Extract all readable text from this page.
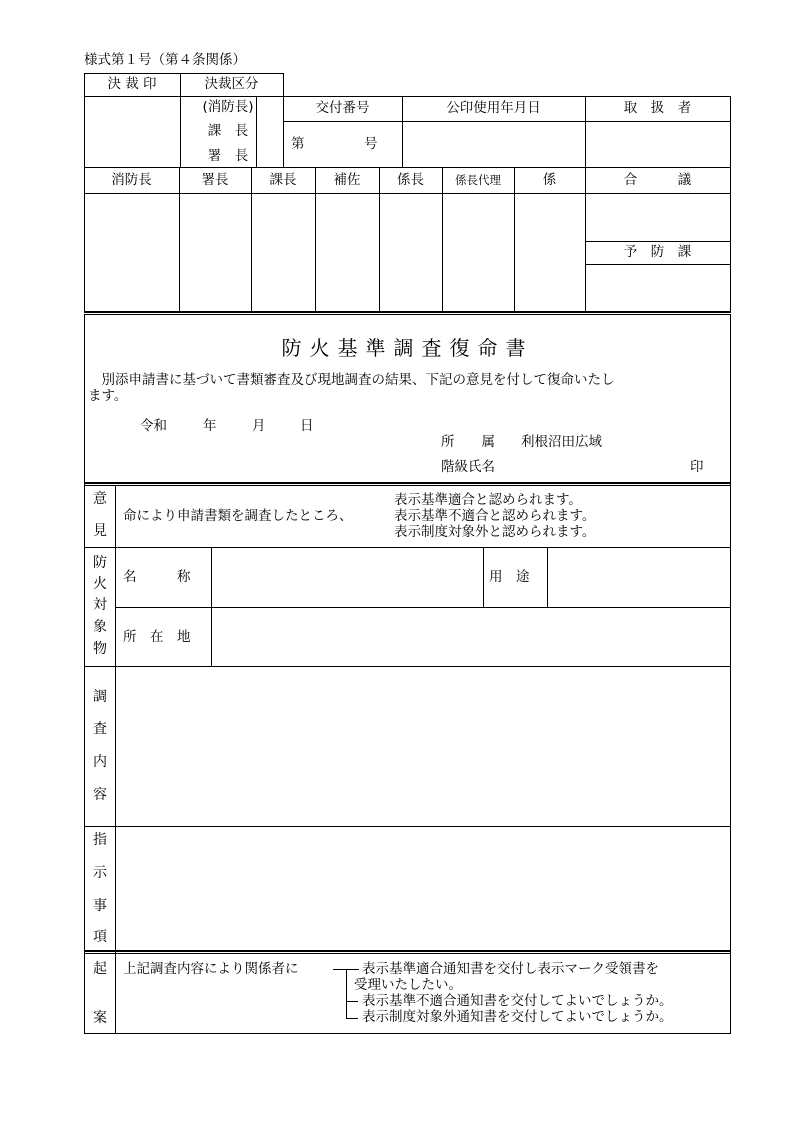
様式第１号（第４条関係）
決 裁 印	決裁区分
(消防長)
課　長
署　長
交付番号	公印使用年月日	取　扱　者
第	号
消防長	署長	課長	補佐	係長	係長代理	係	合　　　議
予　防　課
防火基準調査復命書
　別添申請書に基づいて書類審査及び現地調査の結果、下記の意見を付して復命いたし
ます。
令和	年	月	日
所　　属 利根沼田広域
階級氏名	印
意
見
命により申請書類を調査したところ、
表示基準適合と認められます。
表示基準不適合と認められます。
表示制度対象外と認められます。
防
火
対
象
物
名　　　称	用　途
所　在　地
調
査
内
容
指
示
事
項
起
案
上記調査内容により関係者に	表示基準適合通知書を交付し表示マーク受領書を
受理いたしたい。
表示基準不適合通知書を交付してよいでしょうか。
表示制度対象外通知書を交付してよいでしょうか。
